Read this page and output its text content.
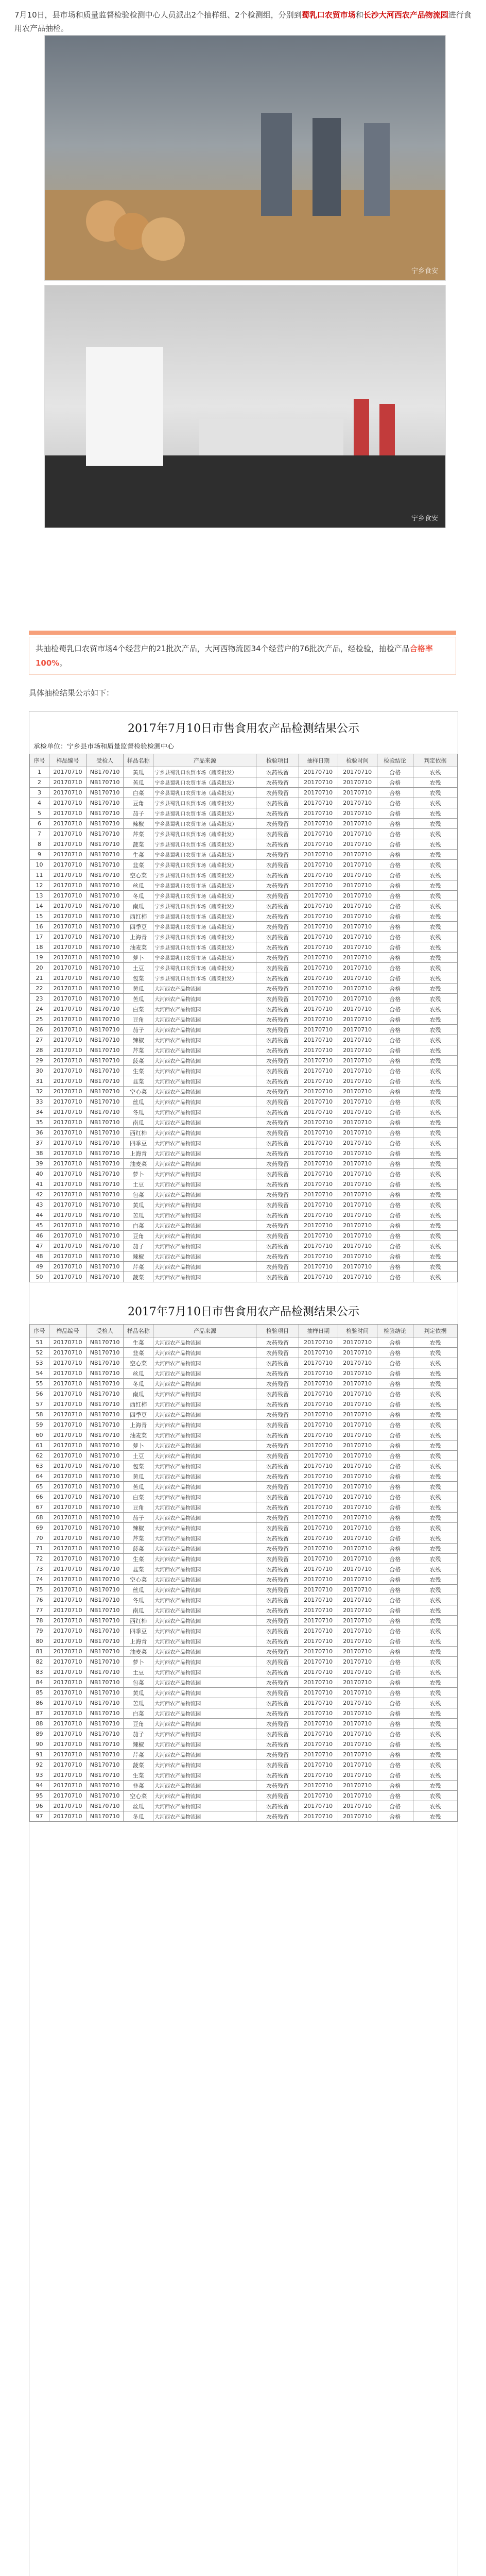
7月10日，县市场和质量监督检验检测中心人员派出2个抽样组、2个检测组，分别到蜀乳口农贸市场和长沙大河西农产品物流园进行食用农产品抽检。
宁乡食安
宁乡食安
共抽检蜀乳口农贸市场4个经营户的21批次产品，大河西物流园34个经营户的76批次产品，经检验，抽检产品合格率100%。
具体抽检结果公示如下：
2017年7月10日市售食用农产品检测结果公示
承检单位：宁乡县市场和质量监督检验检测中心
序号	样品编号	受检人	样品名称	产品来源	检验项目	抽样日期	检验时间	检验结论	判定依据
1	20170710	NB170710	黄瓜	宁乡县蜀乳口农贸市场（蔬菜批发）	农药残留	20170710	20170710	合格	农残
2	20170710	NB170710	苦瓜	宁乡县蜀乳口农贸市场（蔬菜批发）	农药残留	20170710	20170710	合格	农残
3	20170710	NB170710	白菜	宁乡县蜀乳口农贸市场（蔬菜批发）	农药残留	20170710	20170710	合格	农残
4	20170710	NB170710	豆角	宁乡县蜀乳口农贸市场（蔬菜批发）	农药残留	20170710	20170710	合格	农残
5	20170710	NB170710	茄子	宁乡县蜀乳口农贸市场（蔬菜批发）	农药残留	20170710	20170710	合格	农残
6	20170710	NB170710	辣椒	宁乡县蜀乳口农贸市场（蔬菜批发）	农药残留	20170710	20170710	合格	农残
7	20170710	NB170710	芹菜	宁乡县蜀乳口农贸市场（蔬菜批发）	农药残留	20170710	20170710	合格	农残
8	20170710	NB170710	菠菜	宁乡县蜀乳口农贸市场（蔬菜批发）	农药残留	20170710	20170710	合格	农残
9	20170710	NB170710	生菜	宁乡县蜀乳口农贸市场（蔬菜批发）	农药残留	20170710	20170710	合格	农残
10	20170710	NB170710	韭菜	宁乡县蜀乳口农贸市场（蔬菜批发）	农药残留	20170710	20170710	合格	农残
11	20170710	NB170710	空心菜	宁乡县蜀乳口农贸市场（蔬菜批发）	农药残留	20170710	20170710	合格	农残
12	20170710	NB170710	丝瓜	宁乡县蜀乳口农贸市场（蔬菜批发）	农药残留	20170710	20170710	合格	农残
13	20170710	NB170710	冬瓜	宁乡县蜀乳口农贸市场（蔬菜批发）	农药残留	20170710	20170710	合格	农残
14	20170710	NB170710	南瓜	宁乡县蜀乳口农贸市场（蔬菜批发）	农药残留	20170710	20170710	合格	农残
15	20170710	NB170710	西红柿	宁乡县蜀乳口农贸市场（蔬菜批发）	农药残留	20170710	20170710	合格	农残
16	20170710	NB170710	四季豆	宁乡县蜀乳口农贸市场（蔬菜批发）	农药残留	20170710	20170710	合格	农残
17	20170710	NB170710	上海青	宁乡县蜀乳口农贸市场（蔬菜批发）	农药残留	20170710	20170710	合格	农残
18	20170710	NB170710	油麦菜	宁乡县蜀乳口农贸市场（蔬菜批发）	农药残留	20170710	20170710	合格	农残
19	20170710	NB170710	萝卜	宁乡县蜀乳口农贸市场（蔬菜批发）	农药残留	20170710	20170710	合格	农残
20	20170710	NB170710	土豆	宁乡县蜀乳口农贸市场（蔬菜批发）	农药残留	20170710	20170710	合格	农残
21	20170710	NB170710	包菜	宁乡县蜀乳口农贸市场（蔬菜批发）	农药残留	20170710	20170710	合格	农残
22	20170710	NB170710	黄瓜	大河西农产品物流园	农药残留	20170710	20170710	合格	农残
23	20170710	NB170710	苦瓜	大河西农产品物流园	农药残留	20170710	20170710	合格	农残
24	20170710	NB170710	白菜	大河西农产品物流园	农药残留	20170710	20170710	合格	农残
25	20170710	NB170710	豆角	大河西农产品物流园	农药残留	20170710	20170710	合格	农残
26	20170710	NB170710	茄子	大河西农产品物流园	农药残留	20170710	20170710	合格	农残
27	20170710	NB170710	辣椒	大河西农产品物流园	农药残留	20170710	20170710	合格	农残
28	20170710	NB170710	芹菜	大河西农产品物流园	农药残留	20170710	20170710	合格	农残
29	20170710	NB170710	菠菜	大河西农产品物流园	农药残留	20170710	20170710	合格	农残
30	20170710	NB170710	生菜	大河西农产品物流园	农药残留	20170710	20170710	合格	农残
31	20170710	NB170710	韭菜	大河西农产品物流园	农药残留	20170710	20170710	合格	农残
32	20170710	NB170710	空心菜	大河西农产品物流园	农药残留	20170710	20170710	合格	农残
33	20170710	NB170710	丝瓜	大河西农产品物流园	农药残留	20170710	20170710	合格	农残
34	20170710	NB170710	冬瓜	大河西农产品物流园	农药残留	20170710	20170710	合格	农残
35	20170710	NB170710	南瓜	大河西农产品物流园	农药残留	20170710	20170710	合格	农残
36	20170710	NB170710	西红柿	大河西农产品物流园	农药残留	20170710	20170710	合格	农残
37	20170710	NB170710	四季豆	大河西农产品物流园	农药残留	20170710	20170710	合格	农残
38	20170710	NB170710	上海青	大河西农产品物流园	农药残留	20170710	20170710	合格	农残
39	20170710	NB170710	油麦菜	大河西农产品物流园	农药残留	20170710	20170710	合格	农残
40	20170710	NB170710	萝卜	大河西农产品物流园	农药残留	20170710	20170710	合格	农残
41	20170710	NB170710	土豆	大河西农产品物流园	农药残留	20170710	20170710	合格	农残
42	20170710	NB170710	包菜	大河西农产品物流园	农药残留	20170710	20170710	合格	农残
43	20170710	NB170710	黄瓜	大河西农产品物流园	农药残留	20170710	20170710	合格	农残
44	20170710	NB170710	苦瓜	大河西农产品物流园	农药残留	20170710	20170710	合格	农残
45	20170710	NB170710	白菜	大河西农产品物流园	农药残留	20170710	20170710	合格	农残
46	20170710	NB170710	豆角	大河西农产品物流园	农药残留	20170710	20170710	合格	农残
47	20170710	NB170710	茄子	大河西农产品物流园	农药残留	20170710	20170710	合格	农残
48	20170710	NB170710	辣椒	大河西农产品物流园	农药残留	20170710	20170710	合格	农残
49	20170710	NB170710	芹菜	大河西农产品物流园	农药残留	20170710	20170710	合格	农残
50	20170710	NB170710	菠菜	大河西农产品物流园	农药残留	20170710	20170710	合格	农残
2017年7月10日市售食用农产品检测结果公示
序号	样品编号	受检人	样品名称	产品来源	检验项目	抽样日期	检验时间	检验结论	判定依据
51	20170710	NB170710	生菜	大河西农产品物流园	农药残留	20170710	20170710	合格	农残
52	20170710	NB170710	韭菜	大河西农产品物流园	农药残留	20170710	20170710	合格	农残
53	20170710	NB170710	空心菜	大河西农产品物流园	农药残留	20170710	20170710	合格	农残
54	20170710	NB170710	丝瓜	大河西农产品物流园	农药残留	20170710	20170710	合格	农残
55	20170710	NB170710	冬瓜	大河西农产品物流园	农药残留	20170710	20170710	合格	农残
56	20170710	NB170710	南瓜	大河西农产品物流园	农药残留	20170710	20170710	合格	农残
57	20170710	NB170710	西红柿	大河西农产品物流园	农药残留	20170710	20170710	合格	农残
58	20170710	NB170710	四季豆	大河西农产品物流园	农药残留	20170710	20170710	合格	农残
59	20170710	NB170710	上海青	大河西农产品物流园	农药残留	20170710	20170710	合格	农残
60	20170710	NB170710	油麦菜	大河西农产品物流园	农药残留	20170710	20170710	合格	农残
61	20170710	NB170710	萝卜	大河西农产品物流园	农药残留	20170710	20170710	合格	农残
62	20170710	NB170710	土豆	大河西农产品物流园	农药残留	20170710	20170710	合格	农残
63	20170710	NB170710	包菜	大河西农产品物流园	农药残留	20170710	20170710	合格	农残
64	20170710	NB170710	黄瓜	大河西农产品物流园	农药残留	20170710	20170710	合格	农残
65	20170710	NB170710	苦瓜	大河西农产品物流园	农药残留	20170710	20170710	合格	农残
66	20170710	NB170710	白菜	大河西农产品物流园	农药残留	20170710	20170710	合格	农残
67	20170710	NB170710	豆角	大河西农产品物流园	农药残留	20170710	20170710	合格	农残
68	20170710	NB170710	茄子	大河西农产品物流园	农药残留	20170710	20170710	合格	农残
69	20170710	NB170710	辣椒	大河西农产品物流园	农药残留	20170710	20170710	合格	农残
70	20170710	NB170710	芹菜	大河西农产品物流园	农药残留	20170710	20170710	合格	农残
71	20170710	NB170710	菠菜	大河西农产品物流园	农药残留	20170710	20170710	合格	农残
72	20170710	NB170710	生菜	大河西农产品物流园	农药残留	20170710	20170710	合格	农残
73	20170710	NB170710	韭菜	大河西农产品物流园	农药残留	20170710	20170710	合格	农残
74	20170710	NB170710	空心菜	大河西农产品物流园	农药残留	20170710	20170710	合格	农残
75	20170710	NB170710	丝瓜	大河西农产品物流园	农药残留	20170710	20170710	合格	农残
76	20170710	NB170710	冬瓜	大河西农产品物流园	农药残留	20170710	20170710	合格	农残
77	20170710	NB170710	南瓜	大河西农产品物流园	农药残留	20170710	20170710	合格	农残
78	20170710	NB170710	西红柿	大河西农产品物流园	农药残留	20170710	20170710	合格	农残
79	20170710	NB170710	四季豆	大河西农产品物流园	农药残留	20170710	20170710	合格	农残
80	20170710	NB170710	上海青	大河西农产品物流园	农药残留	20170710	20170710	合格	农残
81	20170710	NB170710	油麦菜	大河西农产品物流园	农药残留	20170710	20170710	合格	农残
82	20170710	NB170710	萝卜	大河西农产品物流园	农药残留	20170710	20170710	合格	农残
83	20170710	NB170710	土豆	大河西农产品物流园	农药残留	20170710	20170710	合格	农残
84	20170710	NB170710	包菜	大河西农产品物流园	农药残留	20170710	20170710	合格	农残
85	20170710	NB170710	黄瓜	大河西农产品物流园	农药残留	20170710	20170710	合格	农残
86	20170710	NB170710	苦瓜	大河西农产品物流园	农药残留	20170710	20170710	合格	农残
87	20170710	NB170710	白菜	大河西农产品物流园	农药残留	20170710	20170710	合格	农残
88	20170710	NB170710	豆角	大河西农产品物流园	农药残留	20170710	20170710	合格	农残
89	20170710	NB170710	茄子	大河西农产品物流园	农药残留	20170710	20170710	合格	农残
90	20170710	NB170710	辣椒	大河西农产品物流园	农药残留	20170710	20170710	合格	农残
91	20170710	NB170710	芹菜	大河西农产品物流园	农药残留	20170710	20170710	合格	农残
92	20170710	NB170710	菠菜	大河西农产品物流园	农药残留	20170710	20170710	合格	农残
93	20170710	NB170710	生菜	大河西农产品物流园	农药残留	20170710	20170710	合格	农残
94	20170710	NB170710	韭菜	大河西农产品物流园	农药残留	20170710	20170710	合格	农残
95	20170710	NB170710	空心菜	大河西农产品物流园	农药残留	20170710	20170710	合格	农残
96	20170710	NB170710	丝瓜	大河西农产品物流园	农药残留	20170710	20170710	合格	农残
97	20170710	NB170710	冬瓜	大河西农产品物流园	农药残留	20170710	20170710	合格	农残
